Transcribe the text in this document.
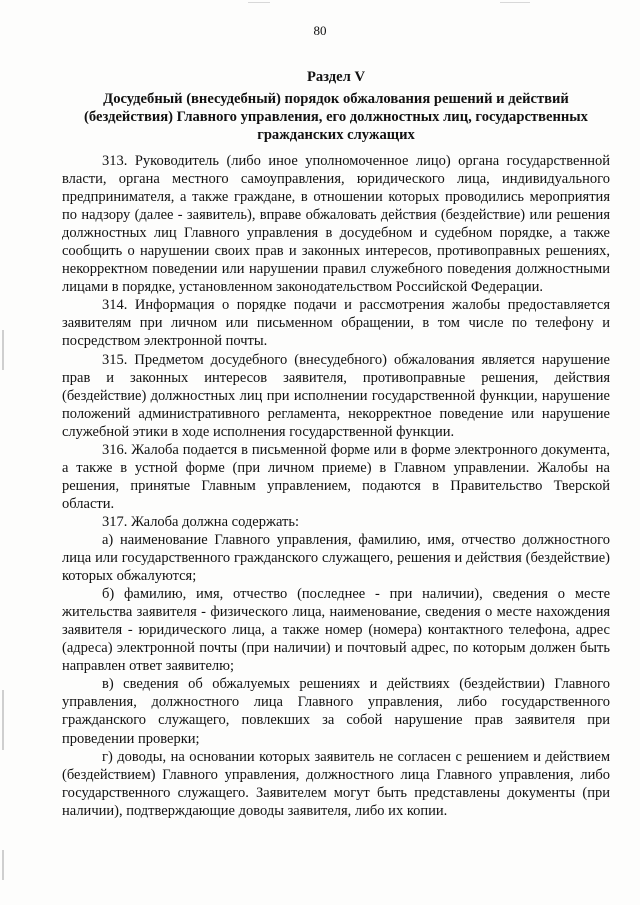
80
Раздел V
Досудебный (внесудебный) порядок обжалования решений и действий
(бездействия) Главного управления, его должностных лиц, государственных
гражданских служащих

313. Руководитель (либо иное уполномоченное лицо) органа государственной власти, органа местного самоуправления, юридического лица, индивидуального предпринимателя, а также граждане, в отношении которых проводились мероприятия по надзору (далее - заявитель), вправе обжаловать действия (бездействие) или решения должностных лиц Главного управления в досудебном и судебном порядке, а также сообщить о нарушении своих прав и законных интересов, противоправных решениях, некорректном поведении или нарушении правил служебного поведения должностными лицами в порядке, установленном законодательством Российской Федерации.

314. Информация о порядке подачи и рассмотрения жалобы предоставляется заявителям при личном или письменном обращении, в том числе по телефону и посредством электронной почты.

315. Предметом досудебного (внесудебного) обжалования является нарушение прав и законных интересов заявителя, противоправные решения, действия (бездействие) должностных лиц при исполнении государственной функции, нарушение положений административного регламента, некорректное поведение или нарушение служебной этики в ходе исполнения государственной функции.

316. Жалоба подается в письменной форме или в форме электронного документа, а также в устной форме (при личном приеме) в Главном управлении. Жалобы на решения, принятые Главным управлением, подаются в Правительство Тверской области.

317. Жалоба должна содержать:

а) наименование Главного управления, фамилию, имя, отчество должностного лица или государственного гражданского служащего, решения и действия (бездействие) которых обжалуются;

б) фамилию, имя, отчество (последнее - при наличии), сведения о месте жительства заявителя - физического лица, наименование, сведения о месте нахождения заявителя - юридического лица, а также номер (номера) контактного телефона, адрес (адреса) электронной почты (при наличии) и почтовый адрес, по которым должен быть направлен ответ заявителю;

в) сведения об обжалуемых решениях и действиях (бездействии) Главного управления, должностного лица Главного управления, либо государственного гражданского служащего, повлекших за собой нарушение прав заявителя при проведении проверки;

г) доводы, на основании которых заявитель не согласен с решением и действием (бездействием) Главного управления, должностного лица Главного управления, либо государственного служащего. Заявителем могут быть представлены документы (при наличии), подтверждающие доводы заявителя, либо их копии.
